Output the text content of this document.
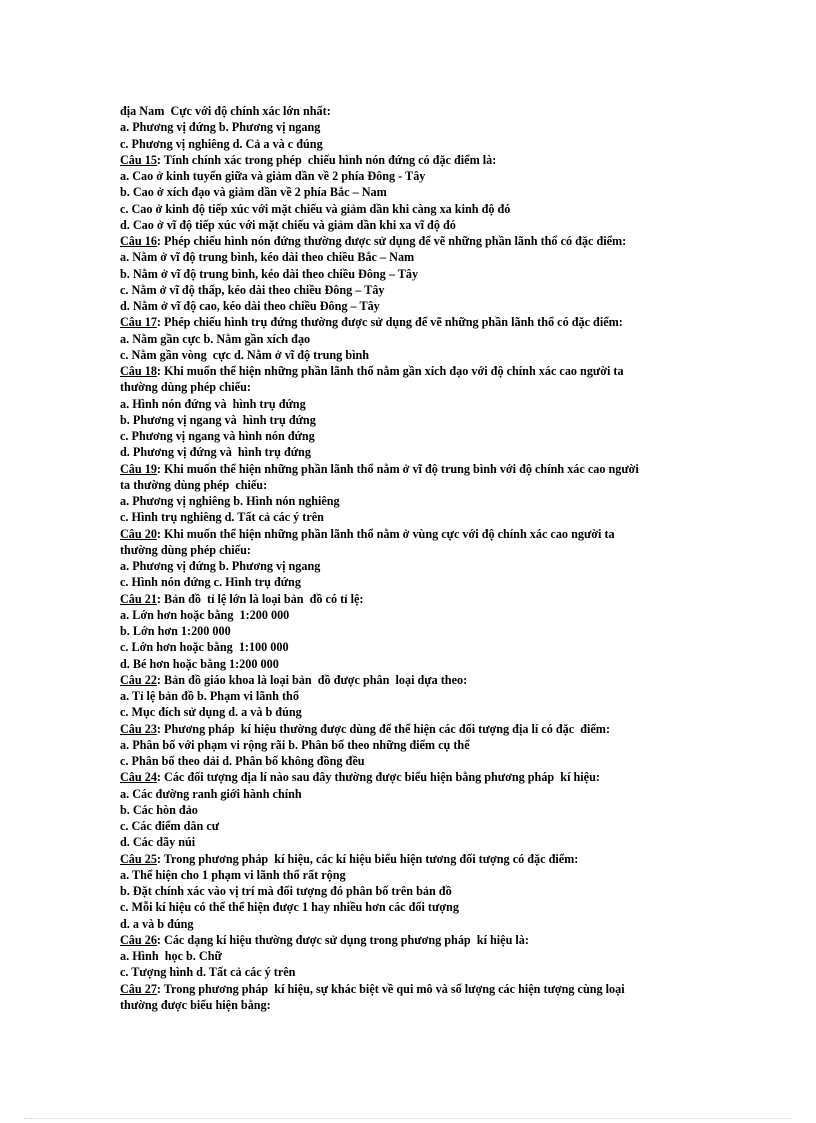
địa Nam  Cực với độ chính xác lớn nhất:
a. Phương vị đứng b. Phương vị ngang
c. Phương vị nghiêng d. Cả a và c đúng
Câu 15: Tính chính xác trong phép  chiếu hình nón đứng có đặc điểm là:
a. Cao ở kinh tuyến giữa và giảm dần về 2 phía Đông - Tây
b. Cao ở xích đạo và giảm dần về 2 phía Bắc – Nam
c. Cao ở kinh độ tiếp xúc với mặt chiếu và giảm dần khi càng xa kinh độ đó
d. Cao ở vĩ độ tiếp xúc với mặt chiếu và giảm dần khi xa vĩ độ đó
Câu 16: Phép chiếu hình nón đứng thường được sử dụng để vẽ những phần lãnh thổ có đặc điểm:
a. Nằm ở vĩ độ trung bình, kéo dài theo chiều Bắc – Nam
b. Nằm ở vĩ độ trung bình, kéo dài theo chiều Đông – Tây
c. Nằm ở vĩ độ thấp, kéo dài theo chiều Đông – Tây
d. Nằm ở vĩ độ cao, kéo dài theo chiều Đông – Tây
Câu 17: Phép chiếu hình trụ đứng thường được sử dụng để vẽ những phần lãnh thổ có đặc điểm:
a. Nằm gần cực b. Nằm gần xích đạo
c. Nằm gần vòng  cực d. Nằm ở vĩ độ trung bình
Câu 18: Khi muốn thể hiện những phần lãnh thổ nằm gần xích đạo với độ chính xác cao người ta
thường dùng phép chiếu:
a. Hình nón đứng và  hình trụ đứng
b. Phương vị ngang và  hình trụ đứng
c. Phương vị ngang và hình nón đứng
d. Phương vị đứng và  hình trụ đứng
Câu 19: Khi muốn thể hiện những phần lãnh thổ nằm ở vĩ độ trung bình với độ chính xác cao người
ta thường dùng phép  chiếu:
a. Phương vị nghiêng b. Hình nón nghiêng
c. Hình trụ nghiêng d. Tất cả các ý trên
Câu 20: Khi muốn thể hiện những phần lãnh thổ nằm ở vùng cực với độ chính xác cao người ta
thường dùng phép chiếu:
a. Phương vị đứng b. Phương vị ngang
c. Hình nón đứng c. Hình trụ đứng
Câu 21: Bản đồ  tỉ lệ lớn là loại bản  đồ có tỉ lệ:
a. Lớn hơn hoặc bằng  1:200 000
b. Lớn hơn 1:200 000
c. Lớn hơn hoặc bằng  1:100 000
d. Bé hơn hoặc bằng 1:200 000
Câu 22: Bản đồ giáo khoa là loại bản  đồ được phân  loại dựa theo:
a. Tỉ lệ bản đồ b. Phạm vi lãnh thổ
c. Mục đích sử dụng d. a và b đúng
Câu 23: Phương pháp  kí hiệu thường được dùng để thể hiện các đối tượng địa lí có đặc  điểm:
a. Phân bố với phạm vi rộng rãi b. Phân bố theo những điểm cụ thể
c. Phân bố theo dải d. Phân bố không đồng đều
Câu 24: Các đối tượng địa lí nào sau đây thường được biểu hiện bằng phương pháp  kí hiệu:
a. Các đường ranh giới hành chính
b. Các hòn đảo
c. Các điểm dân cư
d. Các dãy núi
Câu 25: Trong phương pháp  kí hiệu, các kí hiệu biểu hiện tương đối tượng có đặc điểm:
a. Thể hiện cho 1 phạm vi lãnh thổ rất rộng
b. Đặt chính xác vào vị trí mà đối tượng đó phân bố trên bản đồ
c. Mỗi kí hiệu có thể thể hiện được 1 hay nhiều hơn các đối tượng
d. a và b đúng
Câu 26: Các dạng kí hiệu thường được sử dụng trong phương pháp  kí hiệu là:
a. Hình  học b. Chữ
c. Tượng hình d. Tất cả các ý trên
Câu 27: Trong phương pháp  kí hiệu, sự khác biệt về qui mô và số lượng các hiện tượng cùng loại
thường được biểu hiện bằng:
